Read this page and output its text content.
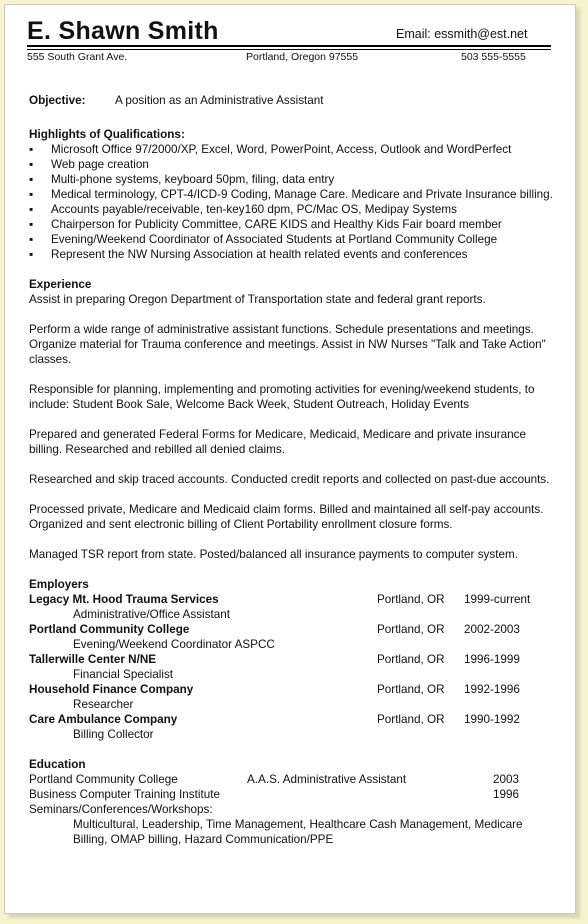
E. Shawn Smith	Email: essmith@est.net
555 South Grant Ave.	Portland, Oregon 97555	503 555-5555
Objective:	A position as an Administrative Assistant
Highlights of Qualifications:
▪ Microsoft Office 97/2000/XP, Excel, Word, PowerPoint, Access, Outlook and WordPerfect
▪ Web page creation
▪ Multi-phone systems, keyboard 50pm, filing, data entry
▪ Medical terminology, CPT-4/ICD-9 Coding, Manage Care. Medicare and Private Insurance billing.
▪ Accounts payable/receivable, ten-key160 dpm, PC/Mac OS, Medipay Systems
▪ Chairperson for Publicity Committee, CARE KIDS and Healthy Kids Fair board member
▪ Evening/Weekend Coordinator of Associated Students at Portland Community College
▪ Represent the NW Nursing Association at health related events and conferences
Experience

Assist in preparing Oregon Department of Transportation state and federal grant reports.

Perform a wide range of administrative assistant functions. Schedule presentations and meetings. Organize material for Trauma conference and meetings. Assist in NW Nurses "Talk and Take Action" classes.

Responsible for planning, implementing and promoting activities for evening/weekend students, to include: Student Book Sale, Welcome Back Week, Student Outreach, Holiday Events

Prepared and generated Federal Forms for Medicare, Medicaid, Medicare and private insurance billing. Researched and rebilled all denied claims.

Researched and skip traced accounts. Conducted credit reports and collected on past-due accounts.

Processed private, Medicare and Medicaid claim forms. Billed and maintained all self-pay accounts. Organized and sent electronic billing of Client Portability enrollment closure forms.

Managed TSR report from state. Posted/balanced all insurance payments to computer system.

Employers
Legacy Mt. Hood Trauma Services	Portland, OR 1999-current
Administrative/Office Assistant
Portland Community College	Portland, OR 2002-2003
Evening/Weekend Coordinator ASPCC
Tallerwille Center N/NE	Portland, OR 1996-1999
Financial Specialist
Household Finance Company	Portland, OR 1992-1996
Researcher
Care Ambulance Company	Portland, OR 1990-1992
Billing Collector
Education
Portland Community College	A.A.S. Administrative Assistant	2003
Business Computer Training Institute	1996
Seminars/Conferences/Workshops:
Multicultural, Leadership, Time Management, Healthcare Cash Management, Medicare Billing, OMAP billing, Hazard Communication/PPE
